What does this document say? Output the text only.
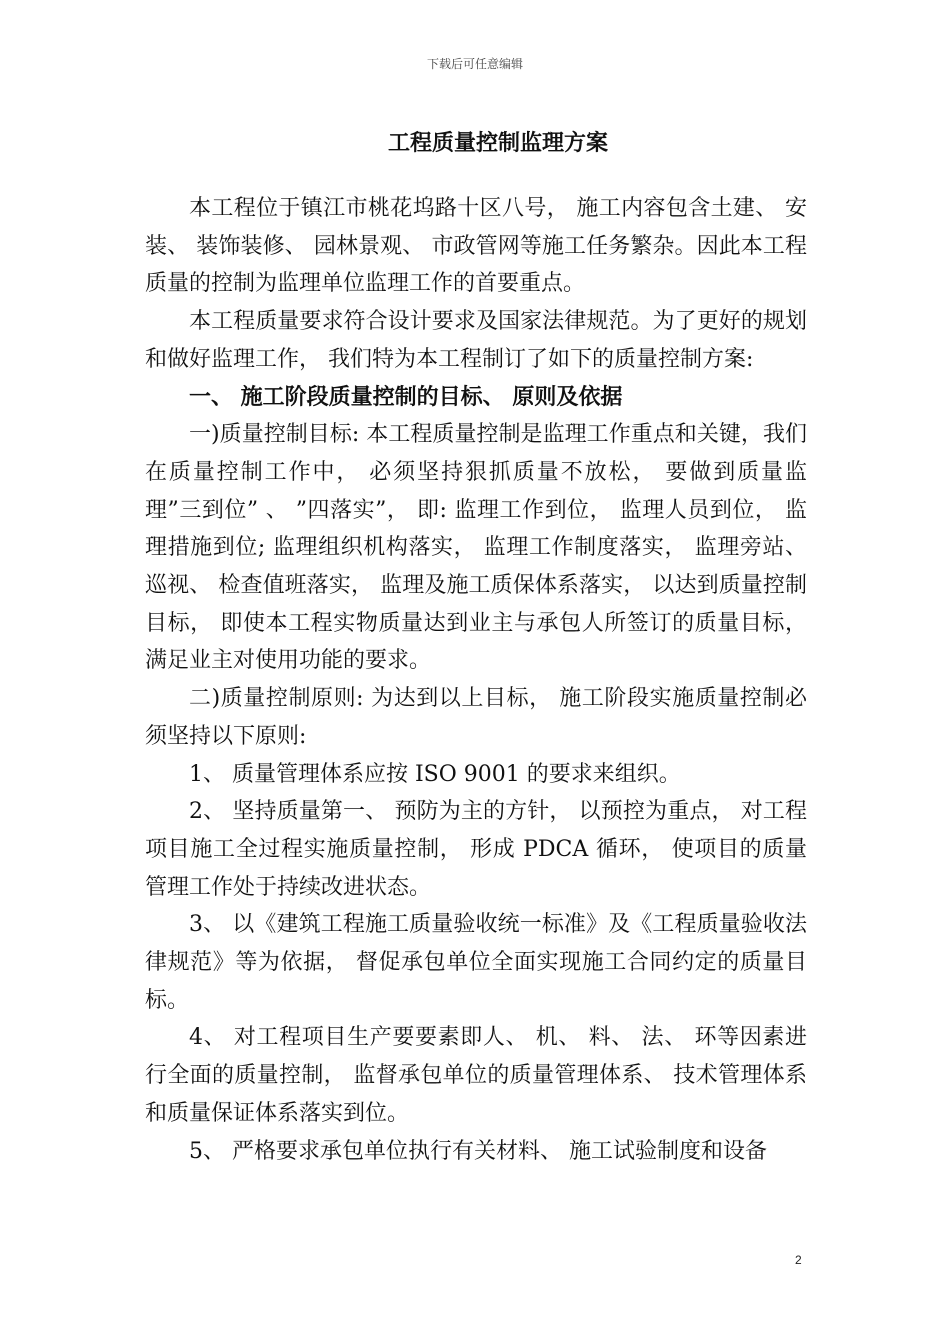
下载后可任意编辑
工程质量控制监理方案

本工程位于镇江市桃花坞路十区八号， 施工内容包含土建、 安装、 装饰装修、 园林景观、 市政管网等施工任务繁杂。因此本工程质量的控制为监理单位监理工作的首要重点。

本工程质量要求符合设计要求及国家法律规范。为了更好的规划和做好监理工作， 我们特为本工程制订了如下的质量控制方案:

一、 施工阶段质量控制的目标、 原则及依据

一)质量控制目标: 本工程质量控制是监理工作重点和关键，我们在质量控制工作中， 必须坚持狠抓质量不放松， 要做到质量监理”三到位” 、 ”四落实”， 即: 监理工作到位， 监理人员到位， 监理措施到位; 监理组织机构落实， 监理工作制度落实， 监理旁站、 巡视、 检查值班落实， 监理及施工质保体系落实， 以达到质量控制目标， 即使本工程实物质量达到业主与承包人所签订的质量目标， 满足业主对使用功能的要求。

二)质量控制原则: 为达到以上目标， 施工阶段实施质量控制必须坚持以下原则:

1、 质量管理体系应按 ISO 9001 的要求来组织。

2、 坚持质量第一、 预防为主的方针， 以预控为重点， 对工程项目施工全过程实施质量控制， 形成 PDCA 循环， 使项目的质量管理工作处于持续改进状态。

3、 以《建筑工程施工质量验收统一标准》及《工程质量验收法律规范》等为依据， 督促承包单位全面实现施工合同约定的质量目标。

4、 对工程项目生产要要素即人、 机、 料、 法、 环等因素进行全面的质量控制， 监督承包单位的质量管理体系、 技术管理体系和质量保证体系落实到位。

5、 严格要求承包单位执行有关材料、 施工试验制度和设备

2
